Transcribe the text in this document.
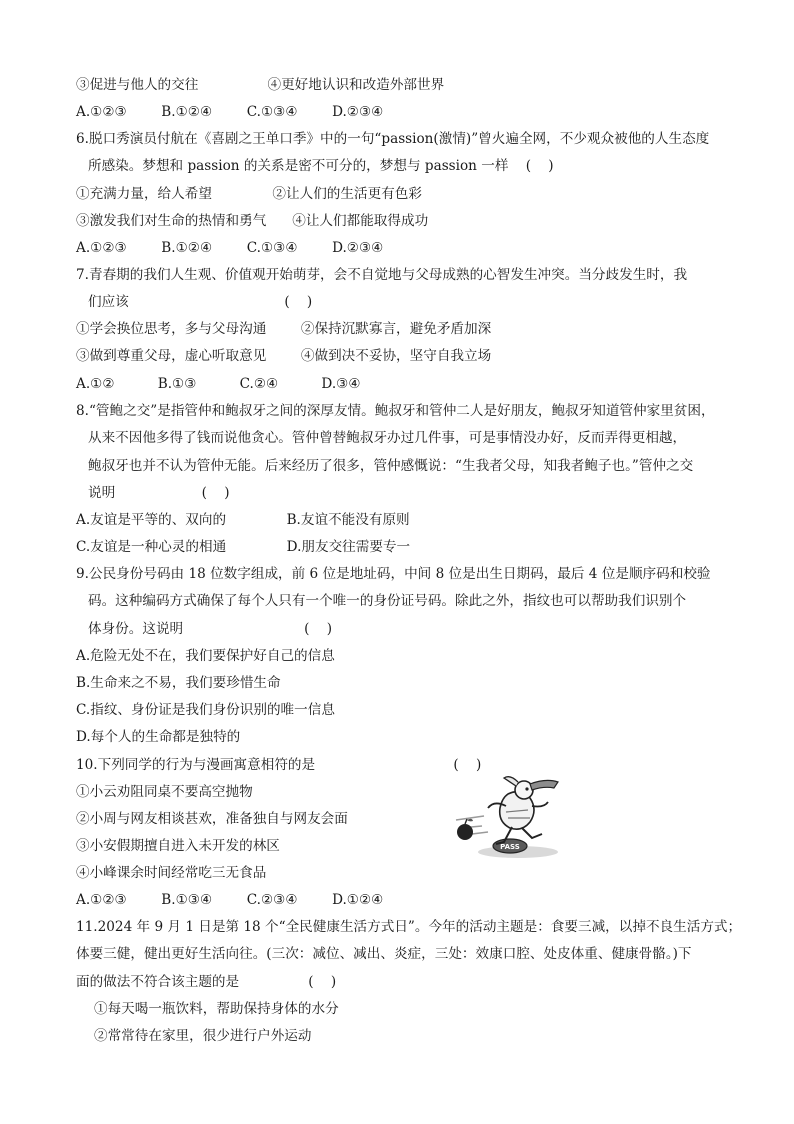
③促进与他人的交往                ④更好地认识和改造外部世界
A.①②③        B.①②④        C.①③④        D.②③④
6.脱口秀演员付航在《喜剧之王单口季》中的一句“passion(激情)”曾火遍全网，不少观众被他的人生态度
所感染。梦想和 passion 的关系是密不可分的，梦想与 passion 一样    (    )
①充满力量，给人希望              ②让人们的生活更有色彩
③激发我们对生命的热情和勇气      ④让人们都能取得成功
A.①②③        B.①②④        C.①③④        D.②③④
7.青春期的我们人生观、价值观开始萌芽，会不自觉地与父母成熟的心智发生冲突。当分歧发生时，我
们应该                                    (    )
①学会换位思考，多与父母沟通        ②保持沉默寡言，避免矛盾加深
③做到尊重父母，虚心听取意见        ④做到决不妥协，坚守自我立场
A.①②          B.①③          C.②④          D.③④
8.“管鲍之交”是指管仲和鲍叔牙之间的深厚友情。鲍叔牙和管仲二人是好朋友，鲍叔牙知道管仲家里贫困，
从来不因他多得了钱而说他贪心。管仲曾替鲍叔牙办过几件事，可是事情没办好，反而弄得更相越，
鲍叔牙也并不认为管仲无能。后来经历了很多，管仲感慨说：“生我者父母，知我者鲍子也。”管仲之交
说明                    (    )
A.友谊是平等的、双向的              B.友谊不能没有原则
C.友谊是一种心灵的相通              D.朋友交往需要专一
9.公民身份号码由 18 位数字组成，前 6 位是地址码，中间 8 位是出生日期码，最后 4 位是顺序码和校验
码。这种编码方式确保了每个人只有一个唯一的身份证号码。除此之外，指纹也可以帮助我们识别个
体身份。这说明                            (    )
A.危险无处不在，我们要保护好自己的信息
B.生命来之不易，我们要珍惜生命
C.指纹、身份证是我们身份识别的唯一信息
D.每个人的生命都是独特的
10.下列同学的行为与漫画寓意相符的是                                (    )
①小云劝阻同桌不要高空抛物
②小周与网友相谈甚欢，准备独自与网友会面
③小安假期擅自进入未开发的林区
④小峰课余时间经常吃三无食品
A.①②③        B.①③④        C.②③④        D.①②④
PASS
11.2024 年 9 月 1 日是第 18 个“全民健康生活方式日”。今年的活动主题是：食要三减，以掉不良生活方式；
体要三健，健出更好生活向往。(三次：减位、减出、炎症，三处：效康口腔、处皮体重、健康骨骼。)下
面的做法不符合该主题的是                (    )
①每天喝一瓶饮料，帮助保持身体的水分
②常常待在家里，很少进行户外运动
